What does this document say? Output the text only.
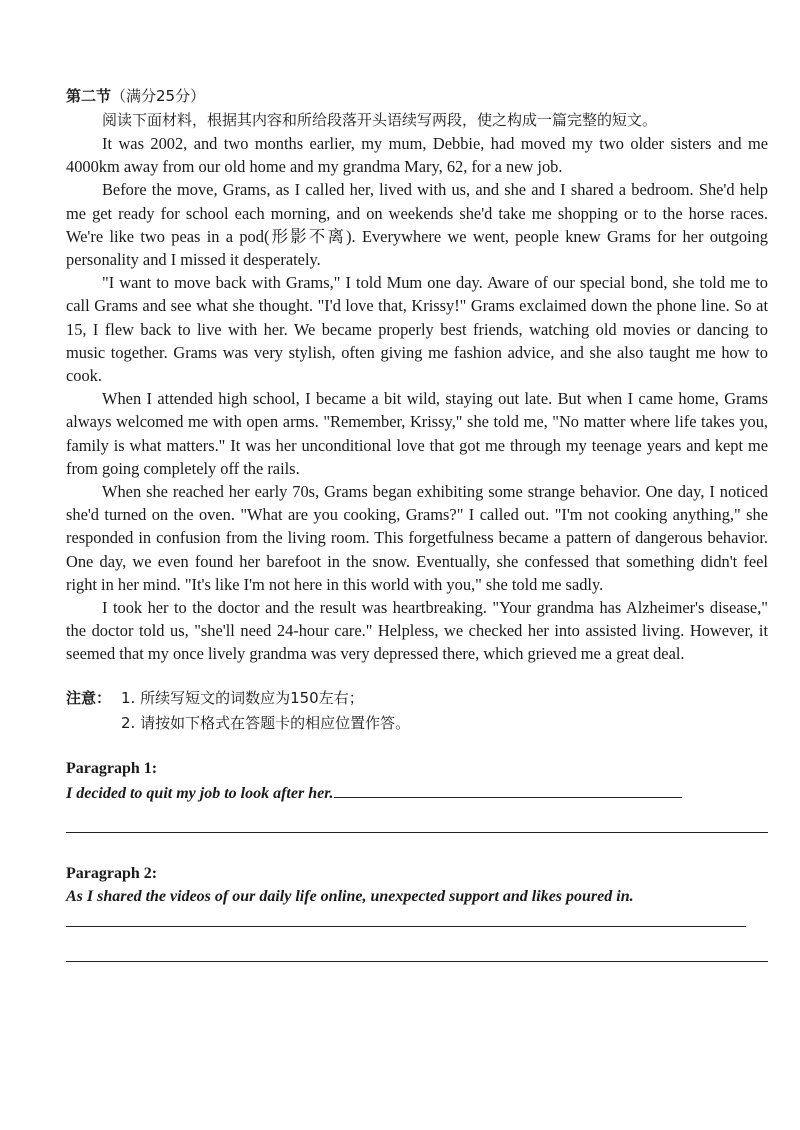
第二节（满分25分）

阅读下面材料，根据其内容和所给段落开头语续写两段，使之构成一篇完整的短文。

It was 2002, and two months earlier, my mum, Debbie, had moved my two older sisters and me 4000km away from our old home and my grandma Mary, 62, for a new job.

Before the move, Grams, as I called her, lived with us, and she and I shared a bedroom. She'd help me get ready for school each morning, and on weekends she'd take me shopping or to the horse races. We're like two peas in a pod(形影不离). Everywhere we went, people knew Grams for her outgoing personality and I missed it desperately.

"I want to move back with Grams," I told Mum one day. Aware of our special bond, she told me to call Grams and see what she thought. "I'd love that, Krissy!" Grams exclaimed down the phone line. So at 15, I flew back to live with her. We became properly best friends, watching old movies or dancing to music together. Grams was very stylish, often giving me fashion advice, and she also taught me how to cook.

When I attended high school, I became a bit wild, staying out late. But when I came home, Grams always welcomed me with open arms. "Remember, Krissy," she told me, "No matter where life takes you, family is what matters." It was her unconditional love that got me through my teenage years and kept me from going completely off the rails.

When she reached her early 70s, Grams began exhibiting some strange behavior. One day, I noticed she'd turned on the oven. "What are you cooking, Grams?" I called out. "I'm not cooking anything," she responded in confusion from the living room. This forgetfulness became a pattern of dangerous behavior. One day, we even found her barefoot in the snow. Eventually, she confessed that something didn't feel right in her mind. "It's like I'm not here in this world with you," she told me sadly.

I took her to the doctor and the result was heartbreaking. "Your grandma has Alzheimer's disease," the doctor told us, "she'll need 24-hour care." Helpless, we checked her into assisted living. However, it seemed that my once lively grandma was very depressed there, which grieved me a great deal.

注意： 1. 所续写短文的词数应为150左右；
2. 请按如下格式在答题卡的相应位置作答。
Paragraph 1:
I decided to quit my job to look after her.
Paragraph 2:
As I shared the videos of our daily life online, unexpected support and likes poured in.
